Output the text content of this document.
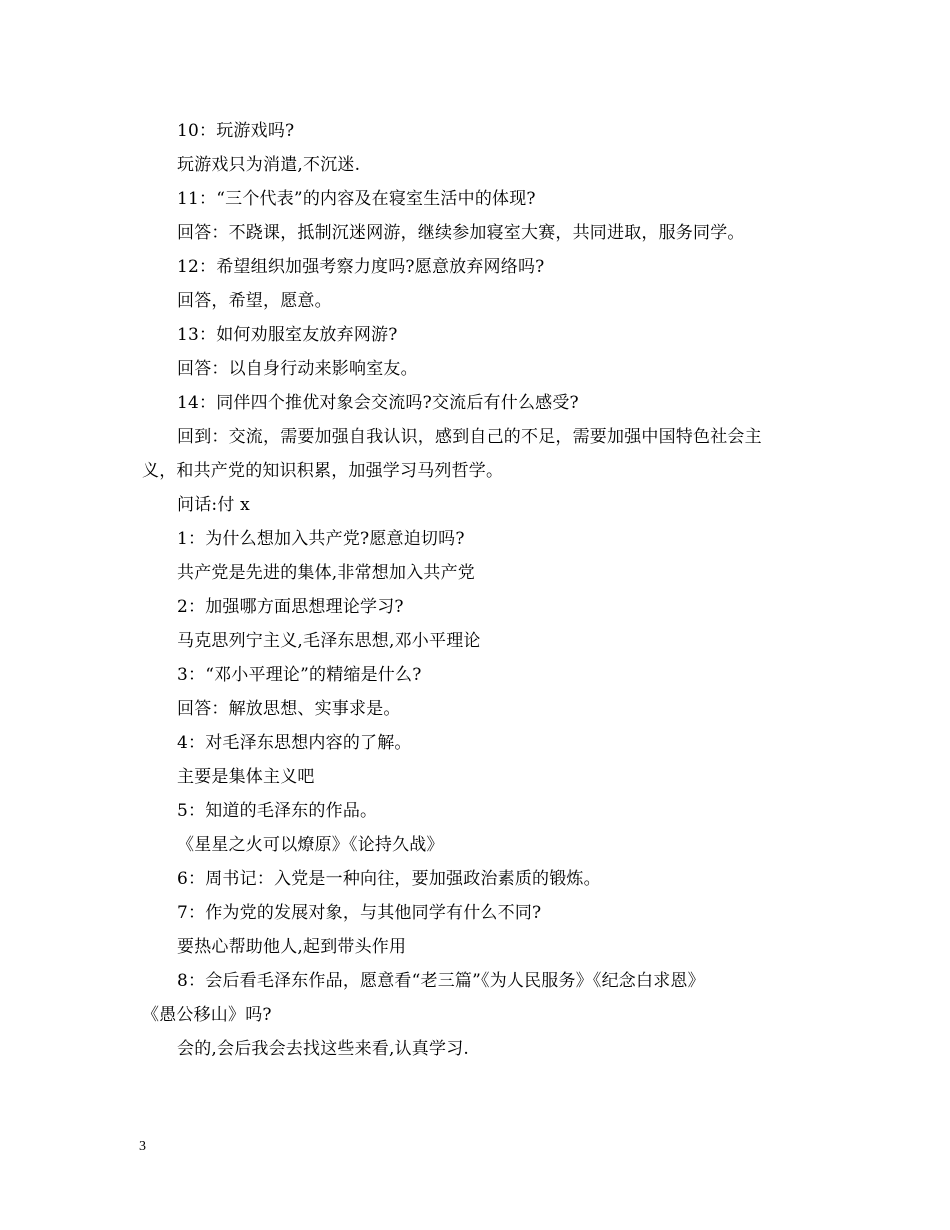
10：玩游戏吗?
玩游戏只为消遣,不沉迷.
11：“三个代表”的内容及在寝室生活中的体现?
回答：不跷课，抵制沉迷网游，继续参加寝室大赛，共同进取，服务同学。
12：希望组织加强考察力度吗?愿意放弃网络吗?
回答，希望，愿意。
13：如何劝服室友放弃网游?
回答：以自身行动来影响室友。
14：同伴四个推优对象会交流吗?交流后有什么感受?
回到：交流，需要加强自我认识，感到自己的不足，需要加强中国特色社会主
义，和共产党的知识积累，加强学习马列哲学。
问话:付 x
1：为什么想加入共产党?愿意迫切吗?
共产党是先进的集体,非常想加入共产党
2：加强哪方面思想理论学习?
马克思列宁主义,毛泽东思想,邓小平理论
3：“邓小平理论”的精缩是什么?
回答：解放思想、实事求是。
4：对毛泽东思想内容的了解。
主要是集体主义吧
5：知道的毛泽东的作品。
《星星之火可以燎原》《论持久战》
6：周书记：入党是一种向往，要加强政治素质的锻炼。
7：作为党的发展对象，与其他同学有什么不同?
要热心帮助他人,起到带头作用
8：会后看毛泽东作品，愿意看“老三篇”《为人民服务》《纪念白求恩》
《愚公移山》吗?
会的,会后我会去找这些来看,认真学习.
3
